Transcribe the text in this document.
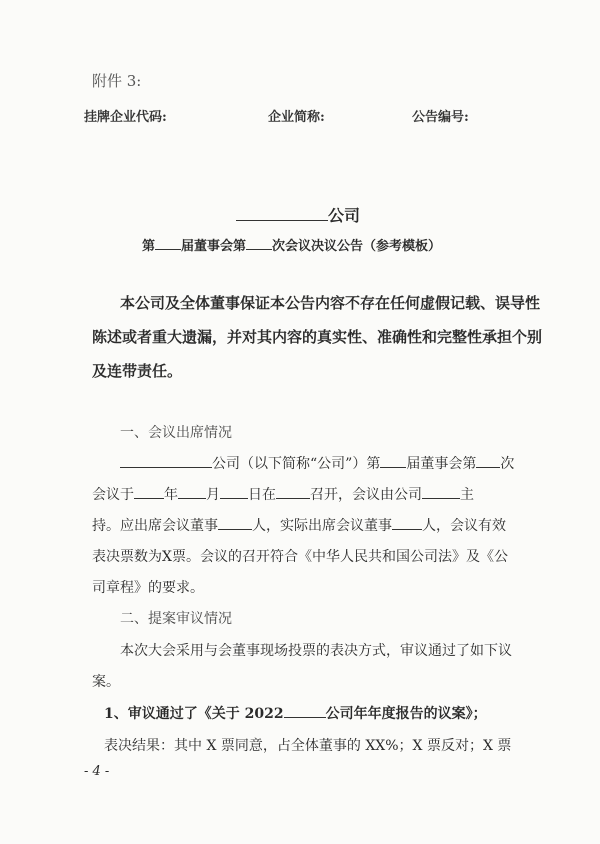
附件 3:
挂牌企业代码:	企业简称:	公告编号:
公司
第 届董事会第 次会议决议公告（参考模板）
本公司及全体董事保证本公告内容不存在任何虚假记载、误导性
陈述或者重大遗漏，并对其内容的真实性、准确性和完整性承担个别
及连带责任。
一、会议出席情况
公司（以下简称“公司”）第 届董事会第 次
会议于 年 月 日在 召开，会议由公司	主
持。应出席会议董事 人，实际出席会议董事 人，会议有效
表决票数为X票。会议的召开符合《中华人民共和国公司法》及《公
司章程》的要求。
二、提案审议情况
本次大会采用与会董事现场投票的表决方式，审议通过了如下议
案。
1、审议通过了《关于 2022	公司年年度报告的议案》；
表决结果：其中 X 票同意，占全体董事的 XX%；X 票反对；X 票
- 4 -
